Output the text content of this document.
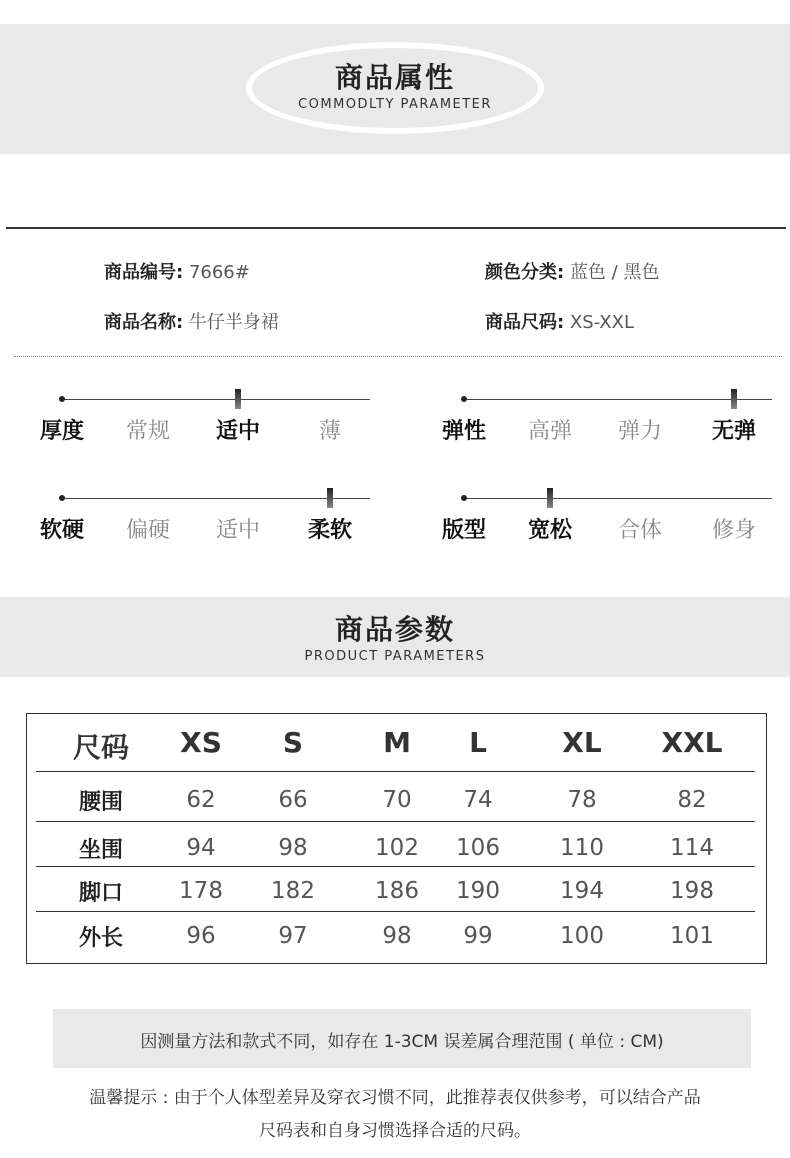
商品属性
COMMODLTY PARAMETER
商品编号: 7666#
商品名称: 牛仔半身裙
颜色分类: 蓝色 / 黑色
商品尺码: XS-XXL
厚度	常规	适中	薄	弹性	高弹	弹力	无弹
软硬	偏硬	适中	柔软	版型	宽松	合体	修身
商品参数
PRODUCT PARAMETERS
尺码	XS	S	M	L	XL	XXL
腰围	62	66	70	74	78	82
坐围	94	98	102	106	110	114
脚口	178	182	186	190	194	198
外长	96	97	98	99	100	101
因测量方法和款式不同，如存在 1-3CM 误差属合理范围 ( 单位 : CM)
温馨提示 : 由于个人体型差异及穿衣习惯不同，此推荐表仅供参考，可以结合产品
尺码表和自身习惯选择合适的尺码。
